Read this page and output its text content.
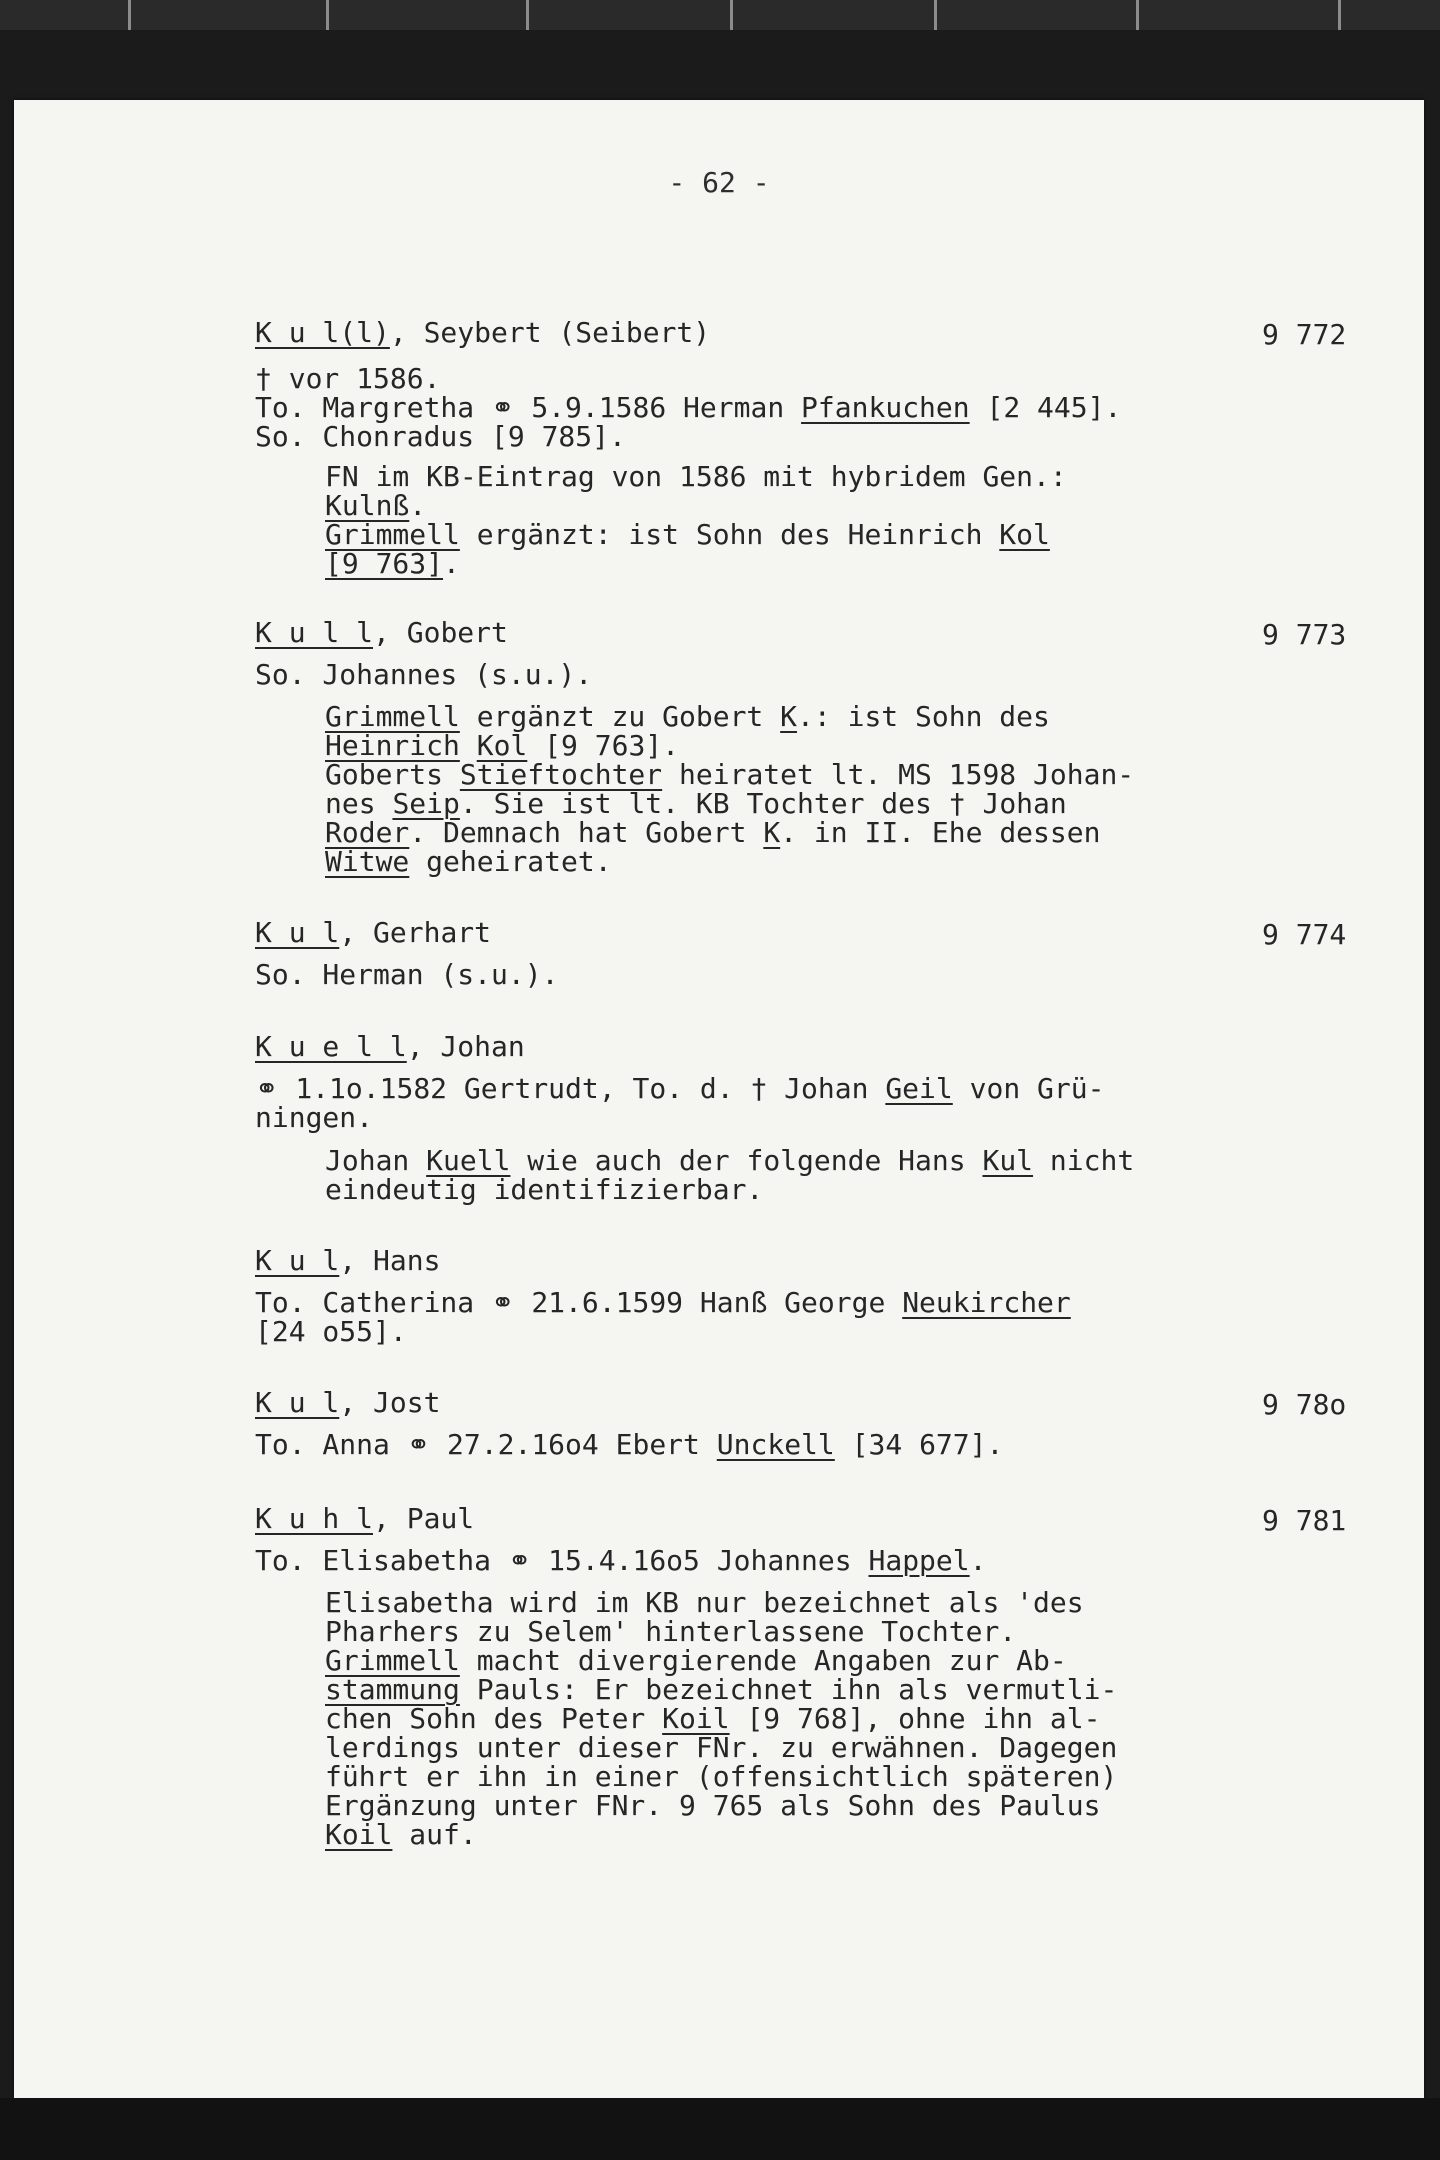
- 62 -
K u l(l), Seybert (Seibert)	9 772
† vor 1586.
To. Margretha ⚭ 5.9.1586 Herman Pfankuchen [2 445].
So. Chonradus [9 785].
FN im KB-Eintrag von 1586 mit hybridem Gen.:
Kulnß.
Grimmell ergänzt: ist Sohn des Heinrich Kol
[9 763].
K u l l, Gobert	9 773
So. Johannes (s.u.).
Grimmell ergänzt zu Gobert K.: ist Sohn des
Heinrich Kol [9 763].
Goberts Stieftochter heiratet lt. MS 1598 Johan-
nes Seip. Sie ist lt. KB Tochter des † Johan
Roder. Demnach hat Gobert K. in II. Ehe dessen
Witwe geheiratet.
K u l, Gerhart	9 774
So. Herman (s.u.).
K u e l l, Johan
⚭ 1.1o.1582 Gertrudt, To. d. † Johan Geil von Grü-
ningen.
Johan Kuell wie auch der folgende Hans Kul nicht
eindeutig identifizierbar.
K u l, Hans
To. Catherina ⚭ 21.6.1599 Hanß George Neukircher
[24 o55].
K u l, Jost	9 78o
To. Anna ⚭ 27.2.16o4 Ebert Unckell [34 677].
K u h l, Paul	9 781
To. Elisabetha ⚭ 15.4.16o5 Johannes Happel.
Elisabetha wird im KB nur bezeichnet als 'des
Pharhers zu Selem' hinterlassene Tochter.
Grimmell macht divergierende Angaben zur Ab-
stammung Pauls: Er bezeichnet ihn als vermutli-
chen Sohn des Peter Koil [9 768], ohne ihn al-
lerdings unter dieser FNr. zu erwähnen. Dagegen
führt er ihn in einer (offensichtlich späteren)
Ergänzung unter FNr. 9 765 als Sohn des Paulus
Koil auf.
